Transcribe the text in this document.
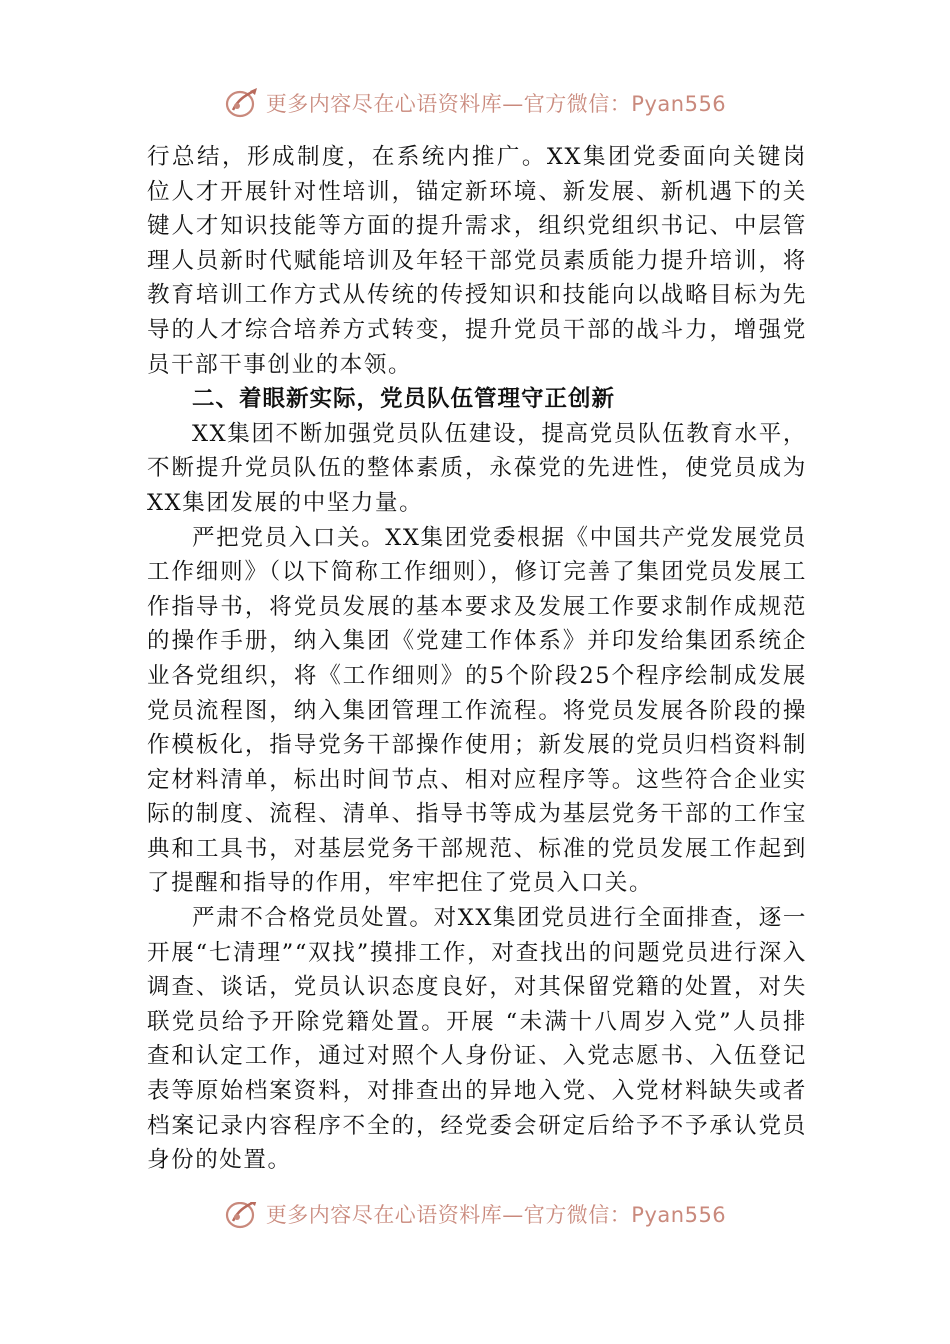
更多内容尽在心语资料库—官方微信：Pyan556

行总结，形成制度，在系统内推广。XX集团党委面向关键岗位人才开展针对性培训，锚定新环境、新发展、新机遇下的关键人才知识技能等方面的提升需求，组织党组织书记、中层管理人员新时代赋能培训及年轻干部党员素质能力提升培训，将教育培训工作方式从传统的传授知识和技能向以战略目标为先导的人才综合培养方式转变，提升党员干部的战斗力，增强党员干部干事创业的本领。

二、着眼新实际，党员队伍管理守正创新

XX集团不断加强党员队伍建设，提高党员队伍教育水平，不断提升党员队伍的整体素质，永葆党的先进性，使党员成为XX集团发展的中坚力量。

严把党员入口关。XX集团党委根据《中国共产党发展党员工作细则》（以下简称工作细则），修订完善了集团党员发展工作指导书，将党员发展的基本要求及发展工作要求制作成规范的操作手册，纳入集团《党建工作体系》并印发给集团系统企业各党组织，将《工作细则》的5个阶段25个程序绘制成发展党员流程图，纳入集团管理工作流程。将党员发展各阶段的操作模板化，指导党务干部操作使用；新发展的党员归档资料制定材料清单，标出时间节点、相对应程序等。这些符合企业实际的制度、流程、清单、指导书等成为基层党务干部的工作宝典和工具书，对基层党务干部规范、标准的党员发展工作起到了提醒和指导的作用，牢牢把住了党员入口关。

严肃不合格党员处置。对XX集团党员进行全面排查，逐一开展“七清理”“双找”摸排工作，对查找出的问题党员进行深入调查、谈话，党员认识态度良好，对其保留党籍的处置，对失联党员给予开除党籍处置。开展 “未满十八周岁入党”人员排查和认定工作，通过对照个人身份证、入党志愿书、入伍登记表等原始档案资料，对排查出的异地入党、入党材料缺失或者档案记录内容程序不全的，经党委会研定后给予不予承认党员身份的处置。

更多内容尽在心语资料库—官方微信：Pyan556
